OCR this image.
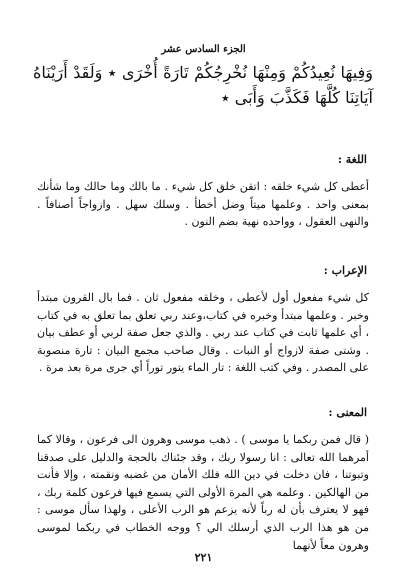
الجزء السادس عشر
وَفِيهَا نُعِيدُكُمْ وَمِنْهَا نُخْرِجُكُمْ تَارَةً أُخْرَى ٭ وَلَقَدْ أَرَيْنَاهُ آيَاتِنَا كُلَّهَا فَكَذَّبَ وَأَبَى ٭
اللغة :
أعطى كل شيء خلقه : اتقن خلق كل شيء . ما بالك وما حالك وما شأنك بمعنى واحد . وعلمها ميتاً وضل أخطأ . وسلك سهل . وازواجاً أصنافاً . والنهى العقول ، وواحده نهية بضم النون .
الإعراب :
كل شيء مفعول أول لأعطى ، وخلقه مفعول ثان . فما بال القرون مبتدأ وخبر . وعلمها مبتدأ وخبره في كتاب،وعند ربي تعلق بما تعلق به في كتاب ، أي علمها ثابت في كتاب عند ربي . والذي جعل صفة لربي أو عطف بيان . وشتى صفة لازواج أو النبات . وقال صاحب مجمع البيان : تارة منصوبة على المصدر . وفي كتب اللغة : تار الماء يتور توراً أي جرى مرة بعد مرة .
المعنى :
( قال فمن ربكما يا موسى ) . ذهب موسى وهرون الى فرعون ، وقالا كما أمرهما الله تعالى : انا رسولا ربك ، وقد جئناك بالحجة والدليل على صدقنا وتبوتنا ، فان دخلت في دين الله فلك الأمان من غضبه ونقمته ، وإلا فأنت من الهالكين . وعلمه هي المرة الأولى التي يسمع فيها فرعون كلمة ربك ، فهو لا يعترف بأن له رباً لأنه يزعم هو الرب الأعلى ، ولهذا سأل موسى : من هو هذا الرب الذي أرسلك الي ؟ ووجه الخطاب في ربكما لموسى وهرون معاً لأنهما
٢٢١
